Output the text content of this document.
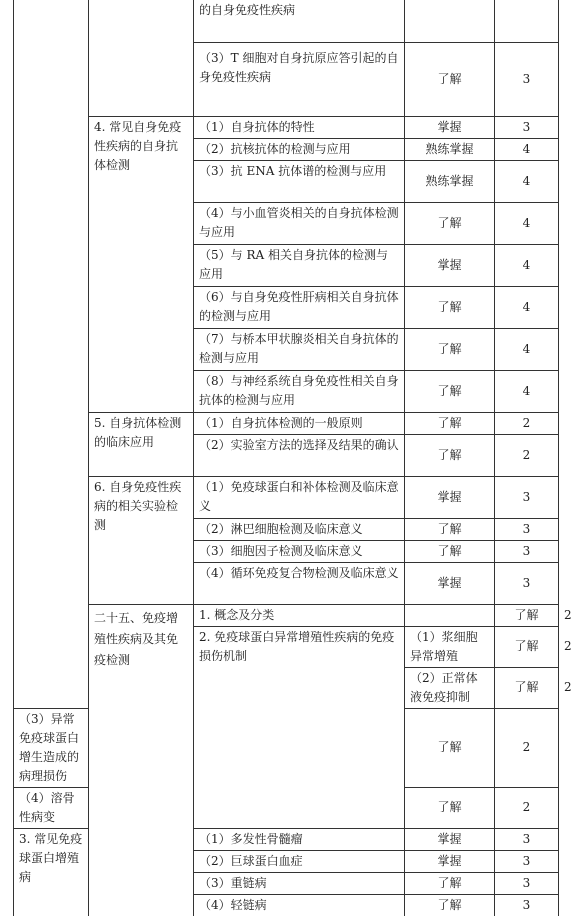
		的自身免疫性疾病			
		（3）T 细胞对自身抗原应答引起的自身免疫性疾病	了解	3	
	4. 常见自身免疫性疾病的自身抗体检测	（1）自身抗体的特性	掌握	3	
		（2）抗核抗体的检测与应用	熟练掌握	4	
		（3）抗 ENA 抗体谱的检测与应用	熟练掌握	4	
		（4）与小血管炎相关的自身抗体检测与应用	了解	4	
		（5）与 RA 相关自身抗体的检测与应用	掌握	4	
		（6）与自身免疫性肝病相关自身抗体的检测与应用	了解	4	
		（7）与桥本甲状腺炎相关自身抗体的检测与应用	了解	4	
		（8）与神经系统自身免疫性相关自身抗体的检测与应用	了解	4	
	5. 自身抗体检测的临床应用	（1）自身抗体检测的一般原则	了解	2	
		（2）实验室方法的选择及结果的确认	了解	2	
	6. 自身免疫性疾病的相关实验检测	（1）免疫球蛋白和补体检测及临床意义	掌握	3	
		（2）淋巴细胞检测及临床意义	了解	3	
		（3）细胞因子检测及临床意义	了解	3	
		（4）循环免疫复合物检测及临床意义	掌握	3	
	二十五、免疫增殖性疾病及其免疫检测	1. 概念及分类		了解	2
		2. 免疫球蛋白异常增殖性疾病的免疫损伤机制	（1）浆细胞异常增殖	了解	2
			（2）正常体液免疫抑制	了解	2
（3）异常免疫球蛋白增生造成的病理损伤			了解	2	
（4）溶骨性病变			了解	2	

3. 常见免疫球蛋白增殖病		（1）多发性骨髓瘤	掌握	3	
		（2）巨球蛋白血症	掌握	3	
		（3）重链病	了解	3	
		（4）轻链病	了解	3	
